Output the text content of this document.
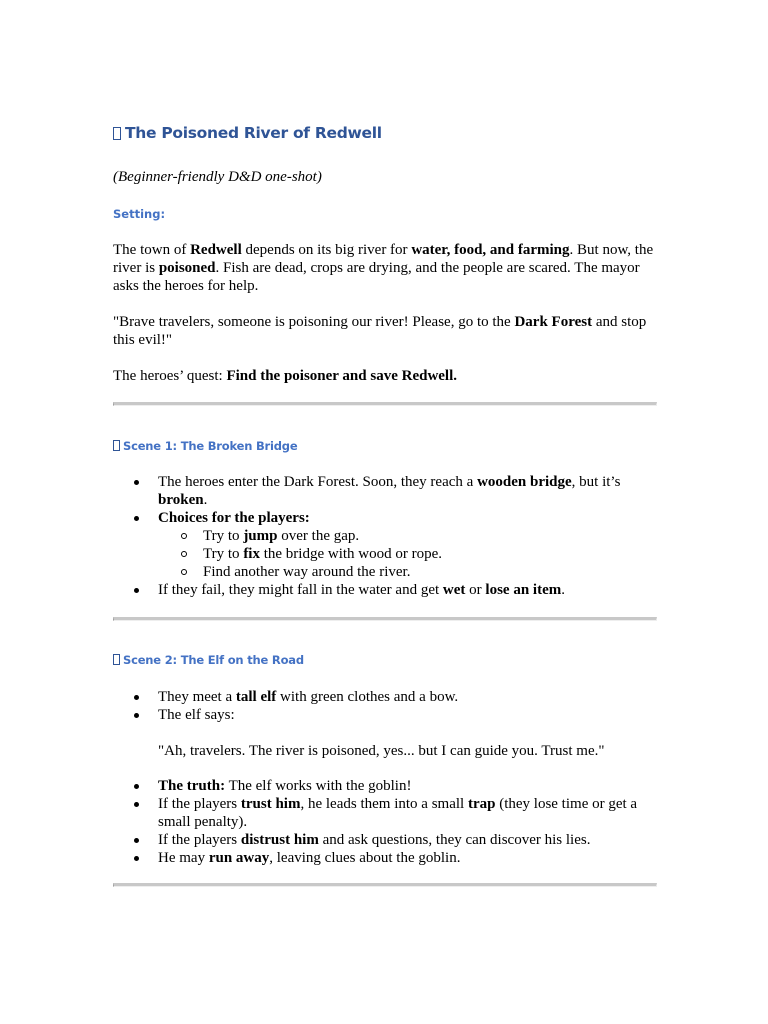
The Poisoned River of Redwell

(Beginner-friendly D&D one-shot)

Setting:

The town of Redwell depends on its big river for water, food, and farming. But now, the river is poisoned. Fish are dead, crops are drying, and the people are scared. The mayor asks the heroes for help.

"Brave travelers, someone is poisoning our river! Please, go to the Dark Forest and stop this evil!"

The heroes’ quest: Find the poisoner and save Redwell.

Scene 1: The Broken Bridge
The heroes enter the Dark Forest. Soon, they reach a wooden bridge, but it’s broken.
Choices for the players:
Try to jump over the gap.
Try to fix the bridge with wood or rope.
Find another way around the river.
If they fail, they might fall in the water and get wet or lose an item.
Scene 2: The Elf on the Road
They meet a tall elf with green clothes and a bow.
The elf says:

"Ah, travelers. The river is poisoned, yes... but I can guide you. Trust me."

The truth: The elf works with the goblin!
If the players trust him, he leads them into a small trap (they lose time or get a small penalty).
If the players distrust him and ask questions, they can discover his lies.
He may run away, leaving clues about the goblin.
